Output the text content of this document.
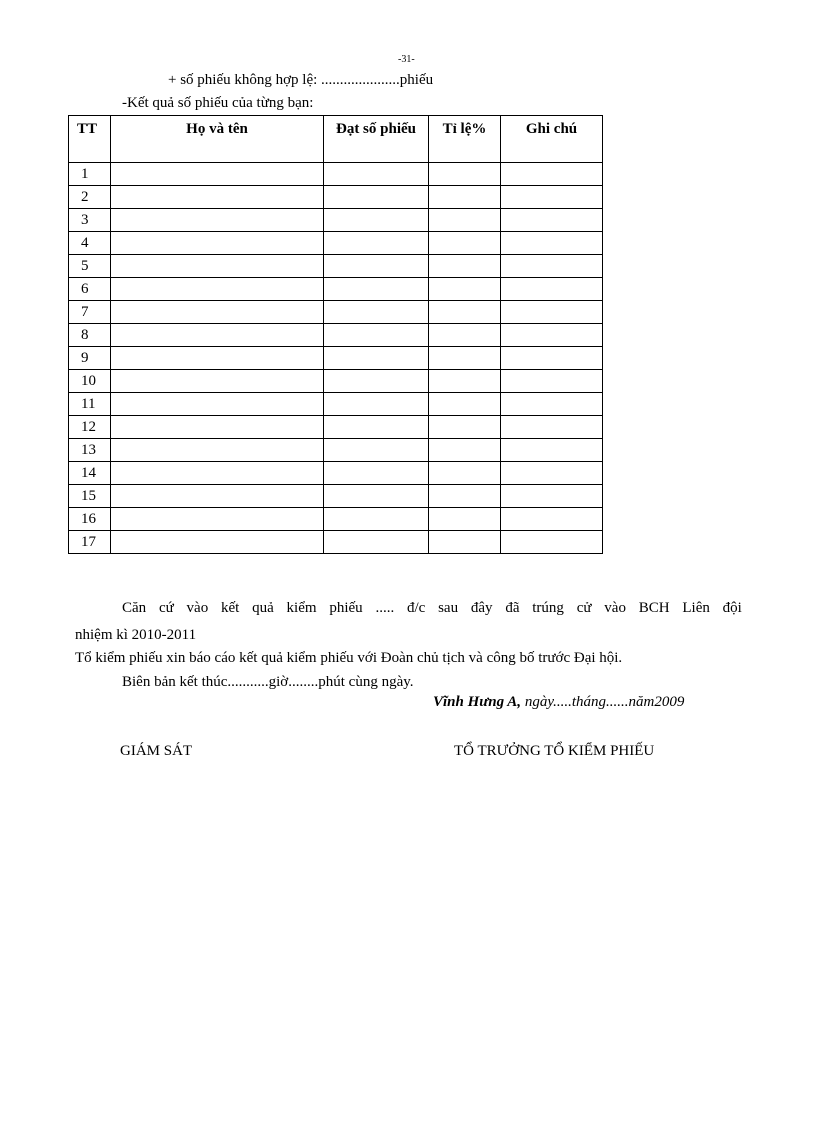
-31-
+ số phiếu không hợp lệ: .....................phiếu
-Kết quả số phiếu của từng bạn:
TT	Họ và tên	Đạt số phiếu	Tỉ lệ%	Ghi chú
1				
2				
3				
4				
5				
6				
7				
8				
9				
10				
11				
12				
13				
14				
15				
16				
17				
Căn cứ vào kết quả kiểm phiếu ..... đ/c sau đây đã trúng cử vào BCH Liên đội
nhiệm kì 2010-2011
Tổ kiểm phiếu xin báo cáo kết quả kiểm phiếu với Đoàn chủ tịch và công bố trước Đại hội.
Biên bản kết thúc...........giờ........phút cùng ngày.
Vĩnh Hưng A, ngày.....tháng......năm2009
GIÁM SÁT	TỔ TRƯỞNG TỔ KIỂM PHIẾU
